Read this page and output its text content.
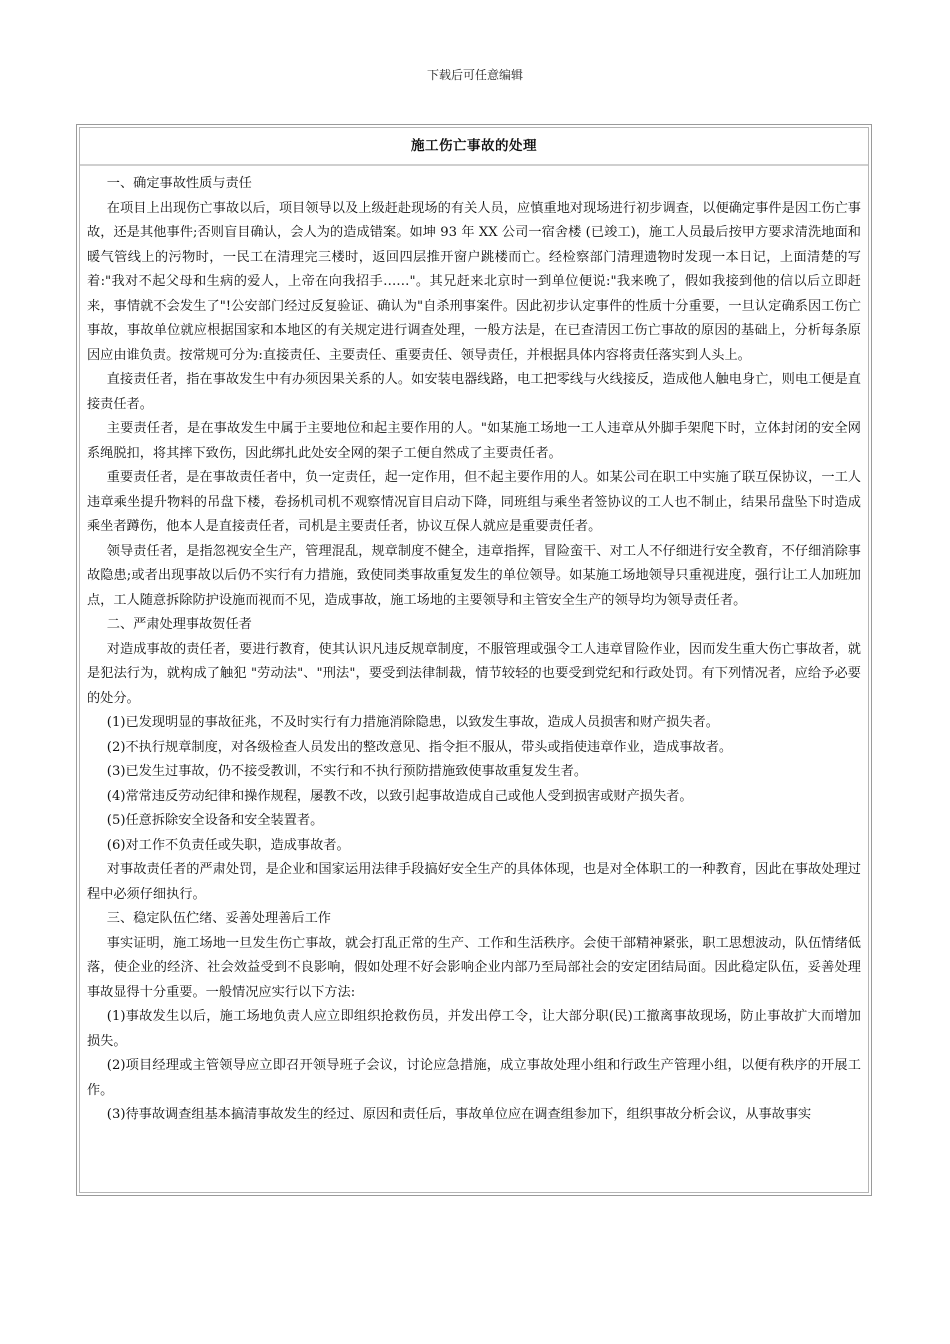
下载后可任意编辑
施工伤亡事故的处理

一、确定事故性质与责任

在项目上出现伤亡事故以后，项目领导以及上级赶赴现场的有关人员，应慎重地对现场进行初步调查，以便确定事件是因工伤亡事故，还是其他事件;否则盲目确认，会人为的造成错案。如坤 93 年 XX 公司一宿舍楼 (已竣工)，施工人员最后按甲方要求清洗地面和暖气管线上的污物时，一民工在清理完三楼时，返回四层推开窗户跳楼而亡。经检察部门清理遗物时发现一本日记，上面清楚的写着:"我对不起父母和生病的爱人，上帝在向我招手……"。其兄赶来北京时一到单位便说:"我来晚了，假如我接到他的信以后立即赶来，事情就不会发生了"!公安部门经过反复验证、确认为"自杀刑事案件。因此初步认定事件的性质十分重要，一旦认定确系因工伤亡事故，事故单位就应根据国家和本地区的有关规定进行调查处理，一般方法是，在已查清因工伤亡事故的原因的基础上，分析每条原因应由谁负责。按常规可分为:直接责任、主要责任、重要责任、领导责任，并根据具体内容将责任落实到人头上。

直接责任者，指在事故发生中有办须因果关系的人。如安装电器线路，电工把零线与火线接反，造成他人触电身亡，则电工便是直接责任者。

主要责任者，是在事故发生中属于主要地位和起主要作用的人。"如某施工场地一工人违章从外脚手架爬下时，立体封闭的安全网系绳脱扣，将其摔下致伤，因此绑扎此处安全网的架子工便自然成了主要责任者。

重要责任者，是在事故责任者中，负一定责任，起一定作用，但不起主要作用的人。如某公司在职工中实施了联互保协议，一工人违章乘坐提升物料的吊盘下楼，卷扬机司机不观察情况盲目启动下降，同班组与乘坐者签协议的工人也不制止，结果吊盘坠下时造成乘坐者蹲伤，他本人是直接责任者，司机是主要责任者，协议互保人就应是重要责任者。

领导责任者，是指忽视安全生产，管理混乱，规章制度不健全，违章指挥，冒险蛮干、对工人不仔细进行安全教育，不仔细消除事故隐患;或者出现事故以后仍不实行有力措施，致使同类事故重复发生的单位领导。如某施工场地领导只重视进度，强行让工人加班加点，工人随意拆除防护设施而视而不见，造成事故，施工场地的主要领导和主管安全生产的领导均为领导责任者。

二、严肃处理事故贺任者

对造成事故的责任者，要进行教育，使其认识凡违反规章制度，不服管理或强令工人违章冒险作业，因而发生重大伤亡事故者，就是犯法行为，就构成了触犯 "劳动法"、"刑法"，要受到法律制裁，情节较轻的也要受到党纪和行政处罚。有下列情况者，应给予必要的处分。

(1)已发现明显的事故征兆，不及时实行有力措施消除隐患，以致发生事故，造成人员损害和财产损失者。

(2)不执行规章制度，对各级检查人员发出的整改意见、指令拒不服从，带头或指使违章作业，造成事故者。

(3)已发生过事故，仍不接受教训，不实行和不执行预防措施致使事故重复发生者。

(4)常常违反劳动纪律和操作规程，屡教不改，以致引起事故造成自己或他人受到损害或财产损失者。

(5)任意拆除安全设备和安全装置者。

(6)对工作不负责任或失职，造成事故者。

对事故责任者的严肃处罚，是企业和国家运用法律手段搞好安全生产的具体体现，也是对全体职工的一种教育，因此在事故处理过程中必须仔细执行。

三、稳定队伍伫绪、妥善处理善后工作

事实证明，施工场地一旦发生伤亡事故，就会打乱正常的生产、工作和生活秩序。会使干部精神紧张，职工思想波动，队伍情绪低落，使企业的经济、社会效益受到不良影响，假如处理不好会影响企业内部乃至局部社会的安定团结局面。因此稳定队伍，妥善处理事故显得十分重要。一般情况应实行以下方法:

(1)事故发生以后，施工场地负责人应立即组织抢救伤员，并发出停工令，让大部分职(民)工撤离事故现场，防止事故扩大而增加损失。

(2)项目经理或主管领导应立即召开领导班子会议，讨论应急措施，成立事故处理小组和行政生产管理小组，以便有秩序的开展工作。

(3)待事故调查组基本搞清事故发生的经过、原因和责任后，事故单位应在调查组参加下，组织事故分析会议，从事故事实
